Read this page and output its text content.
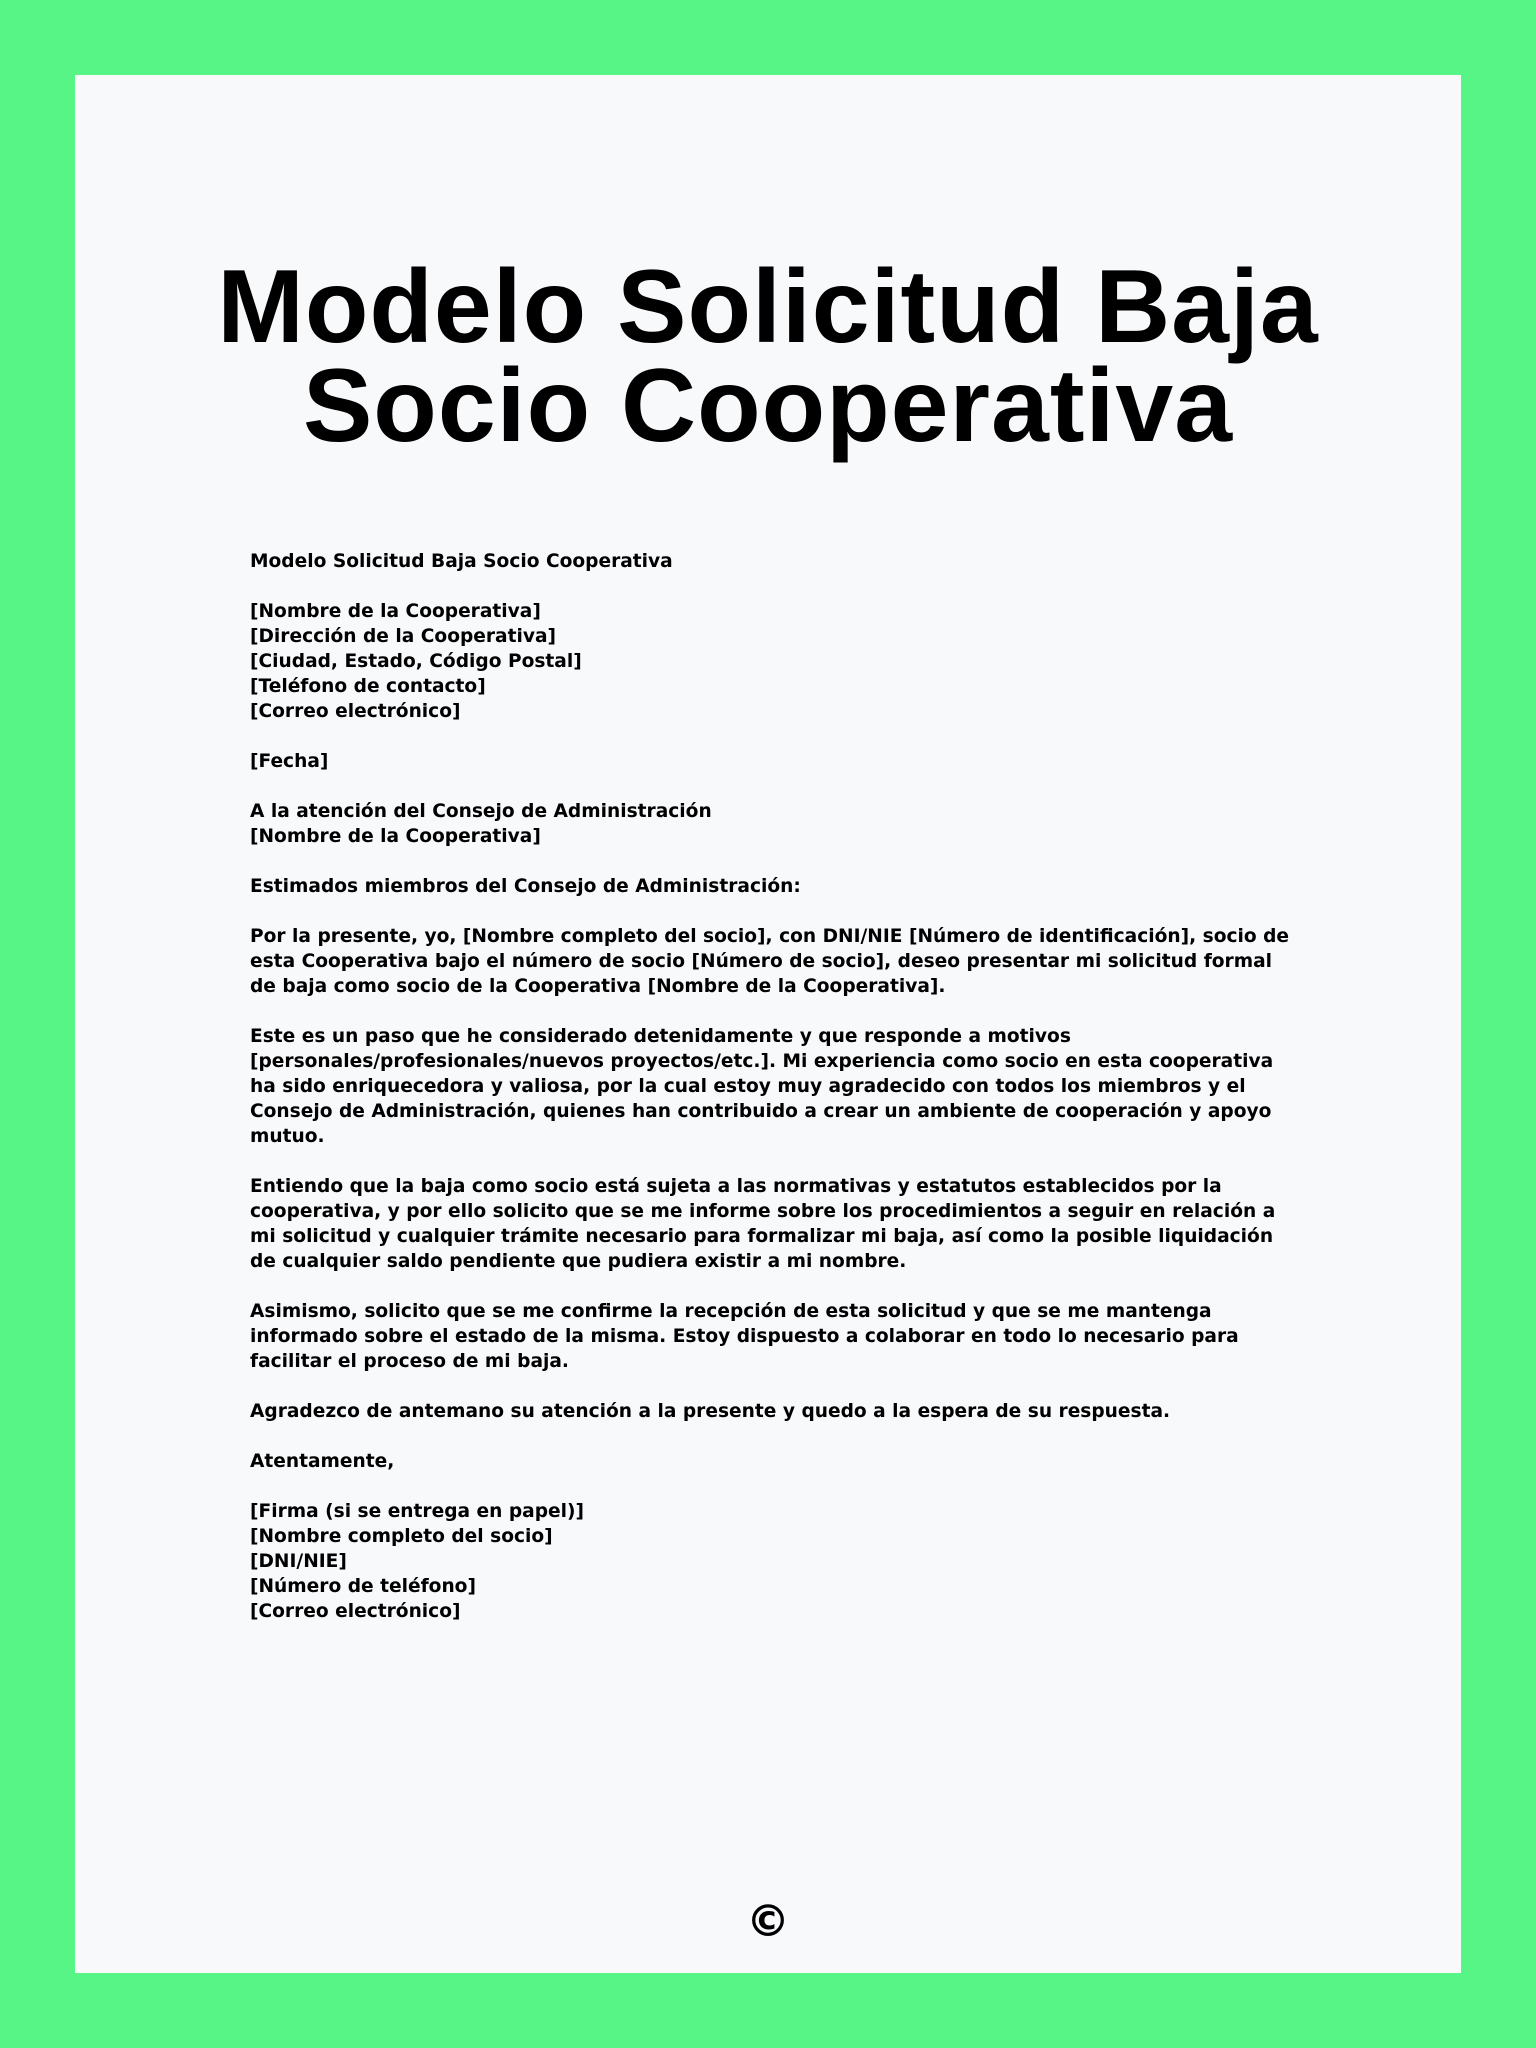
Modelo Solicitud Baja Socio Cooperativa

Modelo Solicitud Baja Socio Cooperativa

[Nombre de la Cooperativa]
[Dirección de la Cooperativa]
[Ciudad, Estado, Código Postal]
[Teléfono de contacto]
[Correo electrónico]

[Fecha]

A la atención del Consejo de Administración
[Nombre de la Cooperativa]

Estimados miembros del Consejo de Administración:

Por la presente, yo, [Nombre completo del socio], con DNI/NIE [Número de identificación], socio de esta Cooperativa bajo el número de socio [Número de socio], deseo presentar mi solicitud formal de baja como socio de la Cooperativa [Nombre de la Cooperativa].

Este es un paso que he considerado detenidamente y que responde a motivos [personales/profesionales/nuevos proyectos/etc.]. Mi experiencia como socio en esta cooperativa ha sido enriquecedora y valiosa, por la cual estoy muy agradecido con todos los miembros y el Consejo de Administración, quienes han contribuido a crear un ambiente de cooperación y apoyo mutuo.

Entiendo que la baja como socio está sujeta a las normativas y estatutos establecidos por la cooperativa, y por ello solicito que se me informe sobre los procedimientos a seguir en relación a mi solicitud y cualquier trámite necesario para formalizar mi baja, así como la posible liquidación de cualquier saldo pendiente que pudiera existir a mi nombre.

Asimismo, solicito que se me confirme la recepción de esta solicitud y que se me mantenga informado sobre el estado de la misma. Estoy dispuesto a colaborar en todo lo necesario para facilitar el proceso de mi baja.

Agradezco de antemano su atención a la presente y quedo a la espera de su respuesta.

Atentamente,

[Firma (si se entrega en papel)]
[Nombre completo del socio]
[DNI/NIE]
[Número de teléfono]
[Correo electrónico]

©
